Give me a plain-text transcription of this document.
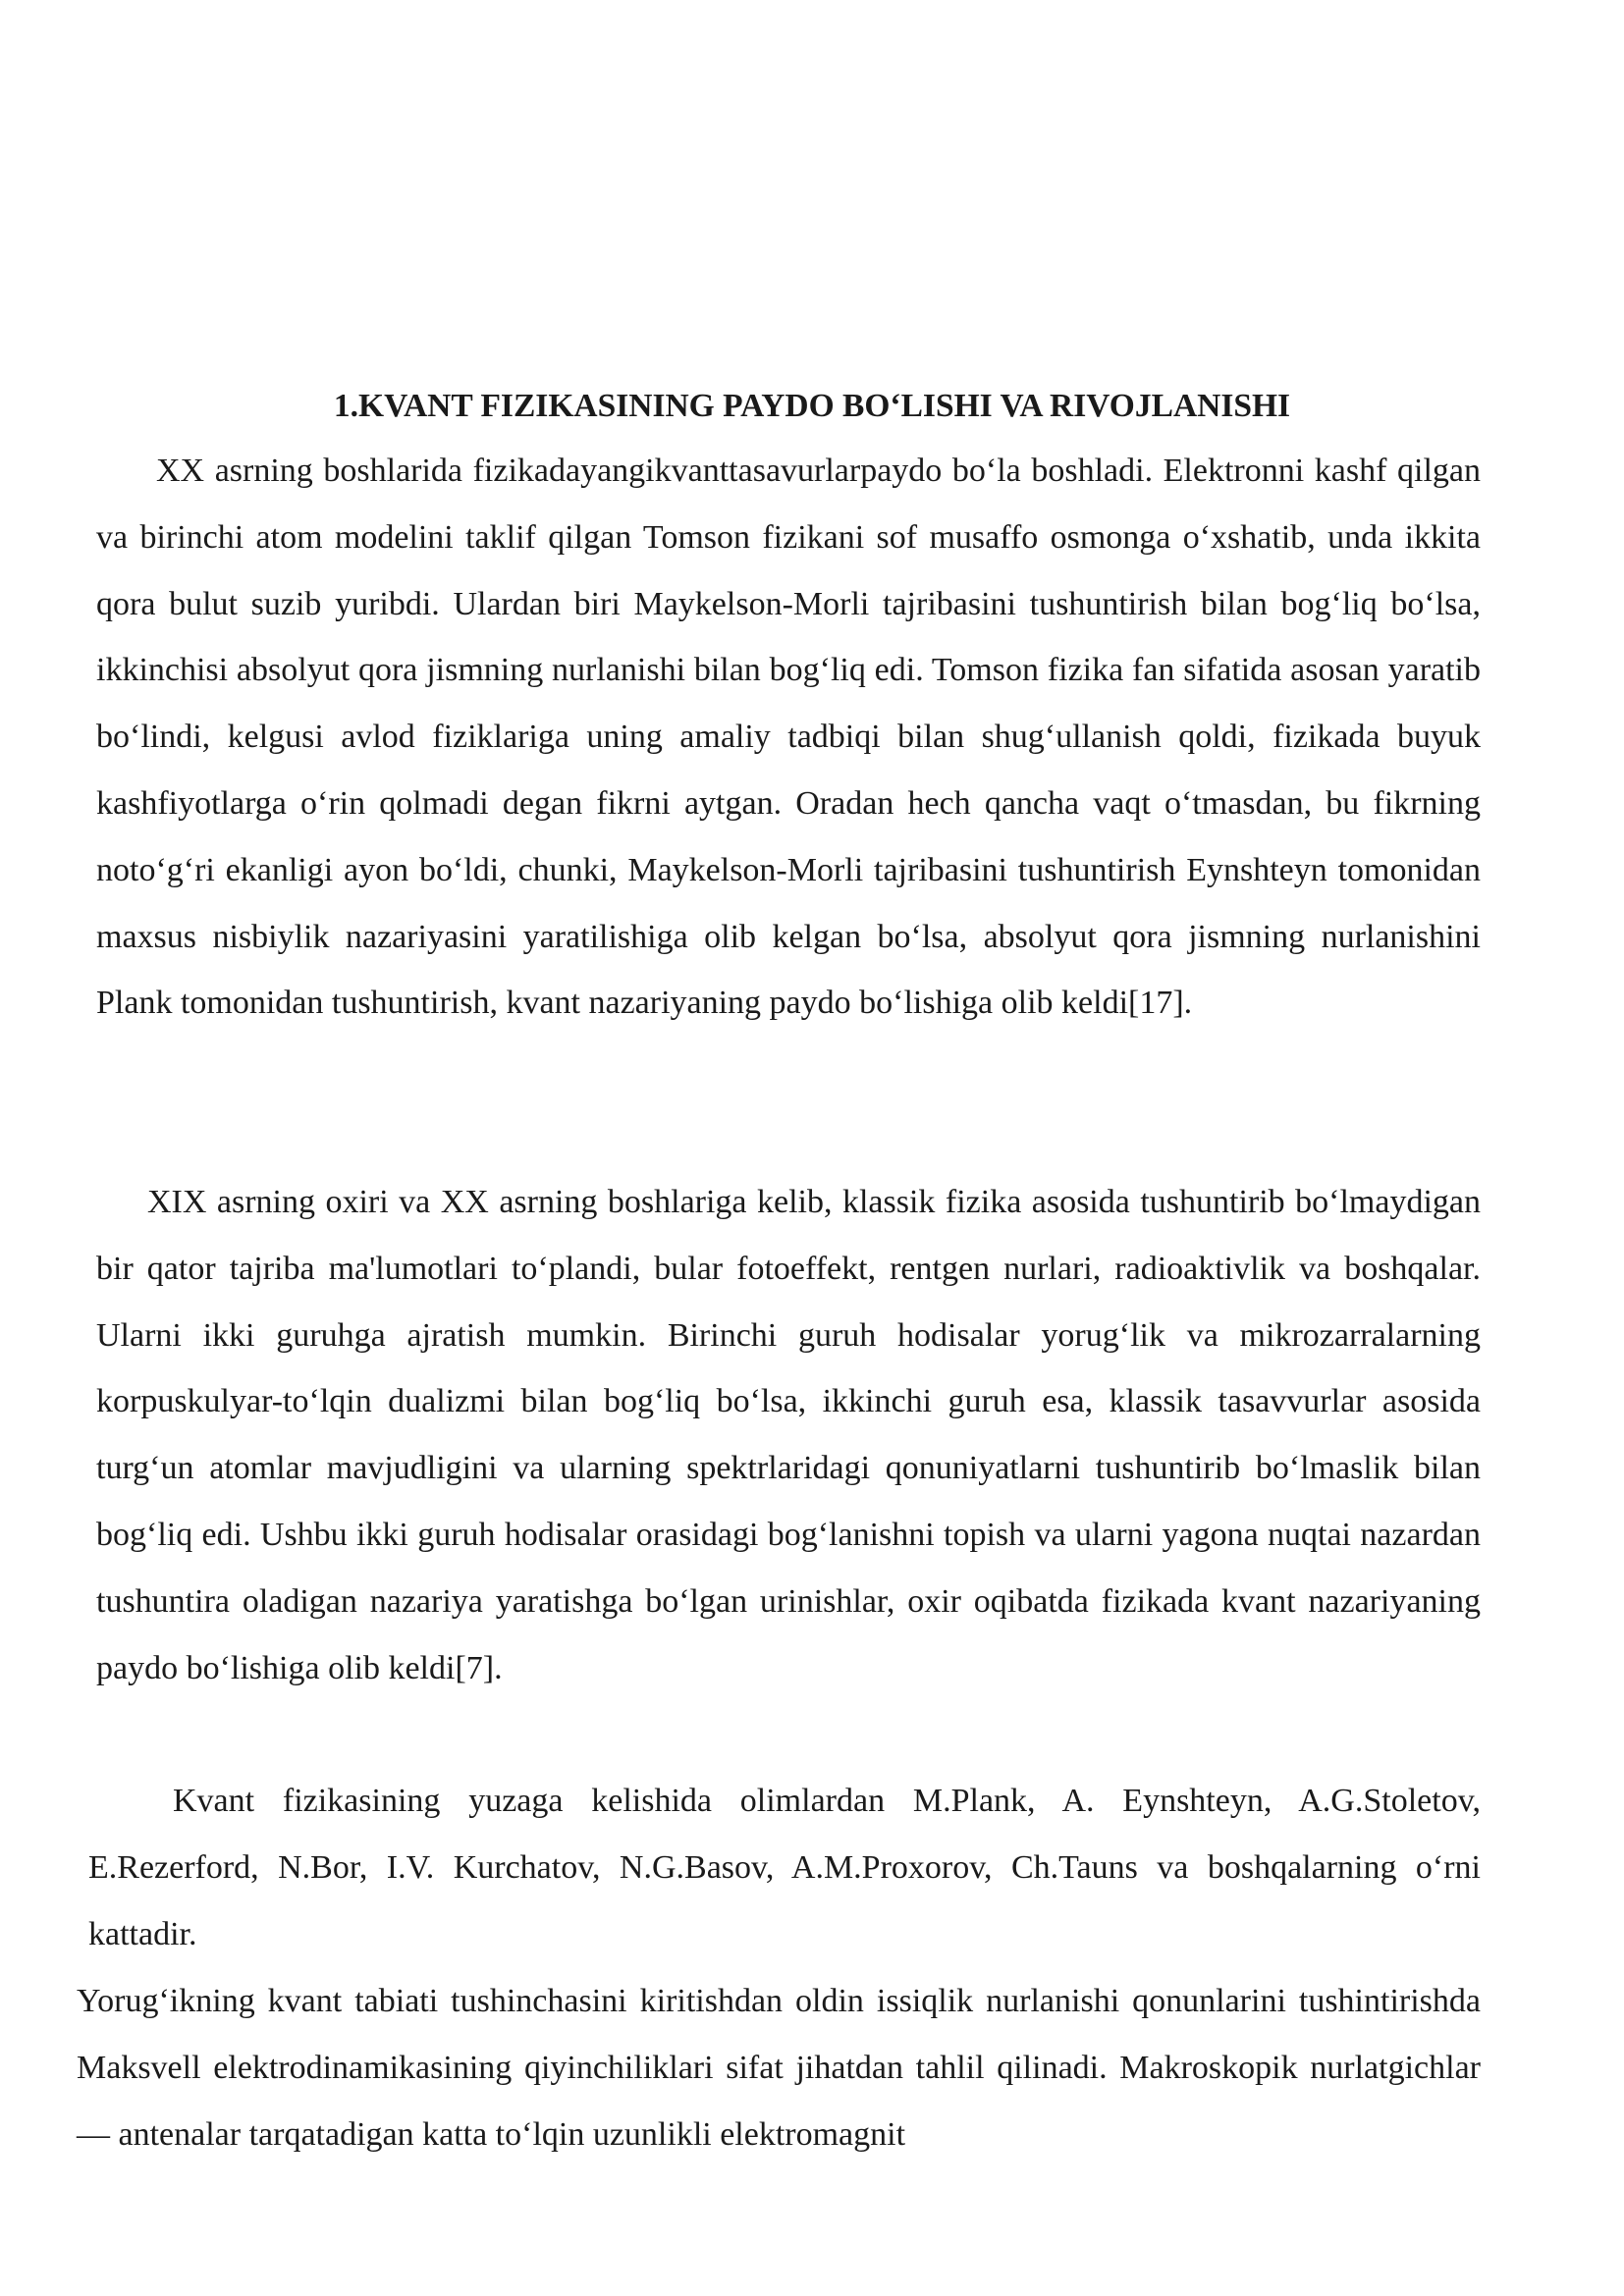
1.KVANT FIZIKASINING PAYDO BO‘LISHI VA RIVOJLANISHI

XX asrning boshlarida fizikadayangikvanttasavurlarpaydo bo‘la boshladi. Elektronni kashf qilgan va birinchi atom modelini taklif qilgan Tomson fizikani sof musaffo osmonga o‘xshatib, unda ikkita qora bulut suzib yuribdi. Ulardan biri Maykelson-Morli tajribasini tushuntirish bilan bog‘liq bo‘lsa, ikkinchisi absolyut qora jismning nurlanishi bilan bog‘liq edi. Tomson fizika fan sifatida asosan yaratib bo‘lindi, kelgusi avlod fiziklariga uning amaliy tadbiqi bilan shug‘ullanish qoldi, fizikada buyuk kashfiyotlarga o‘rin qolmadi degan fikrni aytgan. Oradan hech qancha vaqt o‘tmasdan, bu fikrning noto‘g‘ri ekanligi ayon bo‘ldi, chunki, Maykelson-Morli tajribasini tushuntirish Eynshteyn tomonidan maxsus nisbiylik nazariyasini yaratilishiga olib kelgan bo‘lsa, absolyut qora jismning nurlanishini Plank tomonidan tushuntirish, kvant nazariyaning paydo bo‘lishiga olib keldi[17].

XIX asrning oxiri va XX asrning boshlariga kelib, klassik fizika asosida tushuntirib bo‘lmaydigan bir qator tajriba ma'lumotlari to‘plandi, bular fotoeffekt, rentgen nurlari, radioaktivlik va boshqalar. Ularni ikki guruhga ajratish mumkin. Birinchi guruh hodisalar yorug‘lik va mikrozarralarning korpuskulyar-to‘lqin dualizmi bilan bog‘liq bo‘lsa, ikkinchi guruh esa, klassik tasavvurlar asosida turg‘un atomlar mavjudligini va ularning spektrlaridagi qonuniyatlarni tushuntirib bo‘lmaslik bilan bog‘liq edi. Ushbu ikki guruh hodisalar orasidagi bog‘lanishni topish va ularni yagona nuqtai nazardan tushuntira oladigan nazariya yaratishga bo‘lgan urinishlar, oxir oqibatda fizikada kvant nazariyaning paydo bo‘lishiga olib keldi[7].

Kvant fizikasining yuzaga kelishida olimlardan M.Plank, A. Eynshteyn, A.G.Stoletov, E.Rezerford, N.Bor, I.V. Kurchatov, N.G.Basov, A.M.Proxorov, Ch.Tauns va boshqalarning o‘rni kattadir.

Yorug‘ikning kvant tabiati tushinchasini kiritishdan oldin issiqlik nurlanishi qonunlarini tushintirishda Maksvell elektrodinamikasining qiyinchiliklari sifat jihatdan tahlil qilinadi. Makroskopik nurlatgichlar — antenalar tarqatadigan katta to‘lqin uzunlikli elektromagnit
